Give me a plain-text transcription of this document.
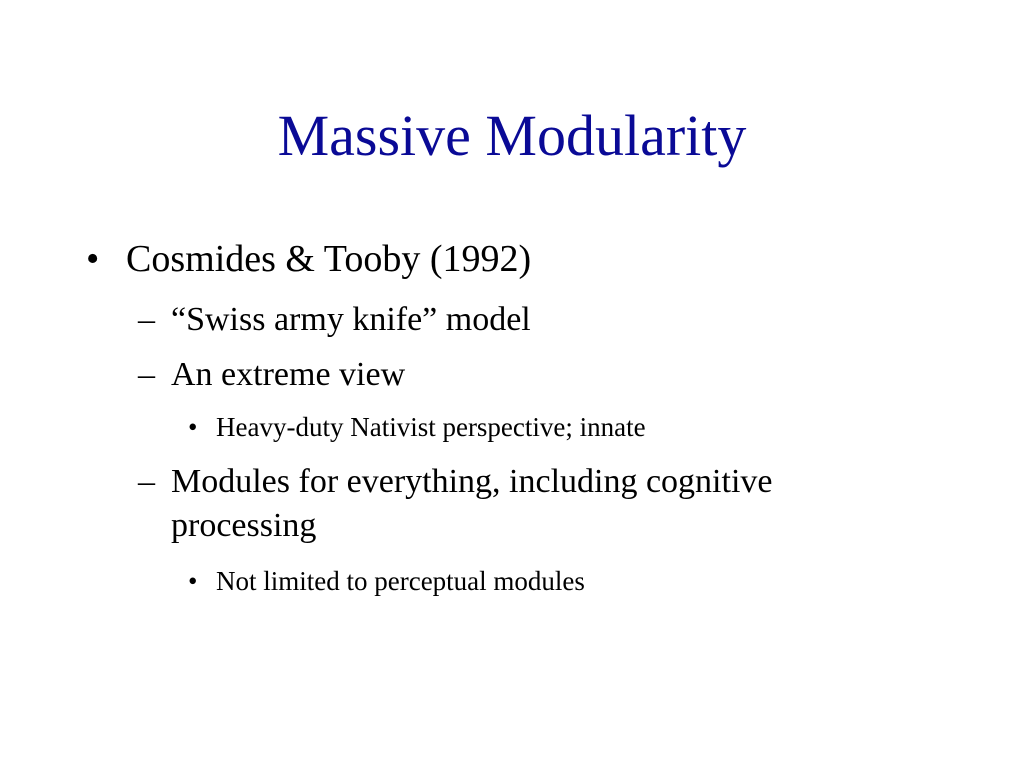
Massive Modularity
• Cosmides & Tooby (1992)
– “Swiss army knife” model
– An extreme view
• Heavy-duty Nativist perspective; innate
– Modules for everything, including cognitive
processing
• Not limited to perceptual modules
